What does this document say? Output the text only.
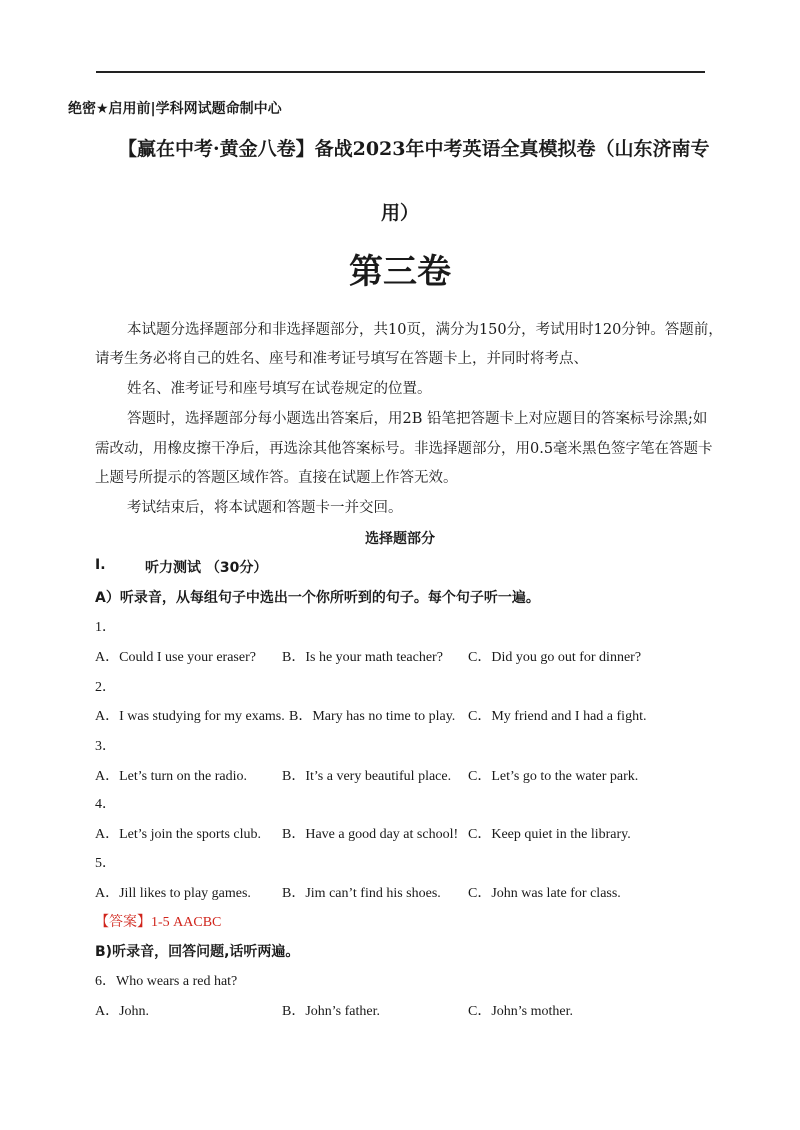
绝密★启用前|学科网试题命制中心
【赢在中考·黄金八卷】备战2023年中考英语全真模拟卷（山东济南专
用）
第三卷
本试题分选择题部分和非选择题部分，共10页，满分为150分，考试用时120分钟。答题前，
请考生务必将自己的姓名、座号和准考证号填写在答题卡上，并同时将考点、
姓名、准考证号和座号填写在试卷规定的位置。
答题时，选择题部分每小题选出答案后，用2B 铅笔把答题卡上对应题目的答案标号涂黑;如
需改动，用橡皮擦干净后，再选涂其他答案标号。非选择题部分，用0.5毫米黑色签字笔在答题卡
上题号所提示的答题区域作答。直接在试题上作答无效。
考试结束后，将本试题和答题卡一并交回。
选择题部分
I.	听力测试 （30分）
A）听录音，从每组句子中选出一个你所听到的句子。每个句子听一遍。
1．
A．Could I use your eraser? B．Is he your math teacher? C．Did you go out for dinner?
2．
A．I was studying for my exams. B．Mary has no time to play. C．My friend and I had a fight.
3．
A．Let’s turn on the radio. B．It’s a very beautiful place. C．Let’s go to the water park.
4．
A．Let’s join the sports club. B．Have a good day at school! C．Keep quiet in the library.
5．
A．Jill likes to play games. B．Jim can’t find his shoes. C．John was late for class.
【答案】1-5 AACBC
B)听录音，回答问题,话听两遍。
6．Who wears a red hat?
A．John.	B．John’s father.	C．John’s mother.
